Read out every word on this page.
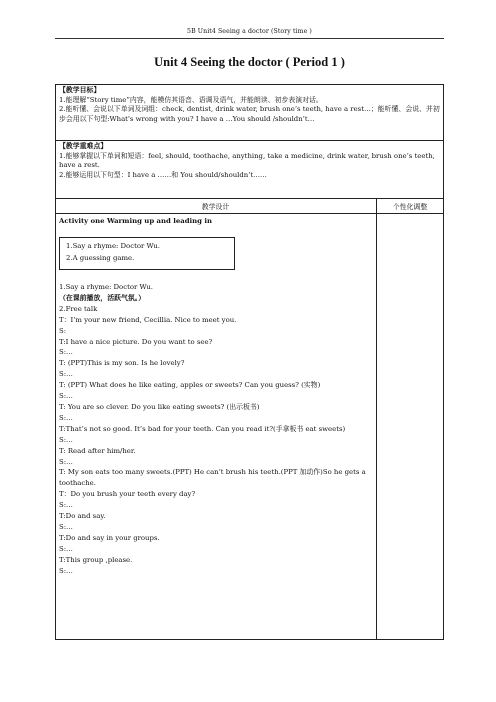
5B Unit4 Seeing a doctor (Story time )
Unit 4 Seeing the doctor ( Period 1 )
【教学目标】
1.能理解“Story time”内容，能模仿其语音、语调及语气，并能朗读、初步表演对话。
2.能听懂、会说以下单词及词组：check, dentist, drink water, brush one’s teeth, have a rest…；能听懂、会说、并初步会用以下句型:What's wrong with you? I have a …You should /shouldn’t…
【教学重难点】
1.能够掌握以下单词和短语：feel, should, toothache, anything, take a medicine, drink water, brush one’s teeth, have a rest.
2.能够运用以下句型：I have a ……和 You should/shouldn’t……
教学设计	个性化调整
Activity one Warming up and leading in
1.Say a rhyme: Doctor Wu.
2.A guessing game.
1.Say a rhyme: Doctor Wu.
（在课前播放，活跃气氛。）
2.Free talk
T：I’m your new friend, Cecillia. Nice to meet you.
S:
T:I have a nice picture. Do you want to see?
S:…
T: (PPT)This is my son. Is he lovely?
S:…
T: (PPT) What does he like eating, apples or sweets? Can you guess? (实物)
S:…
T: You are so clever. Do you like eating sweets? (出示板书)
S:…
T:That’s not so good. It’s bad for your teeth. Can you read it?(手拿板书 eat sweets)
S:…
T: Read after him/her.
S:…
T: My son eats too many sweets.(PPT) He can’t brush his teeth.(PPT 加动作)So he gets a
toothache.
T：Do you brush your teeth every day?
S:…
T:Do and say.
S:…
T:Do and say in your groups.
S:…
T:This group ,please.
S:…
